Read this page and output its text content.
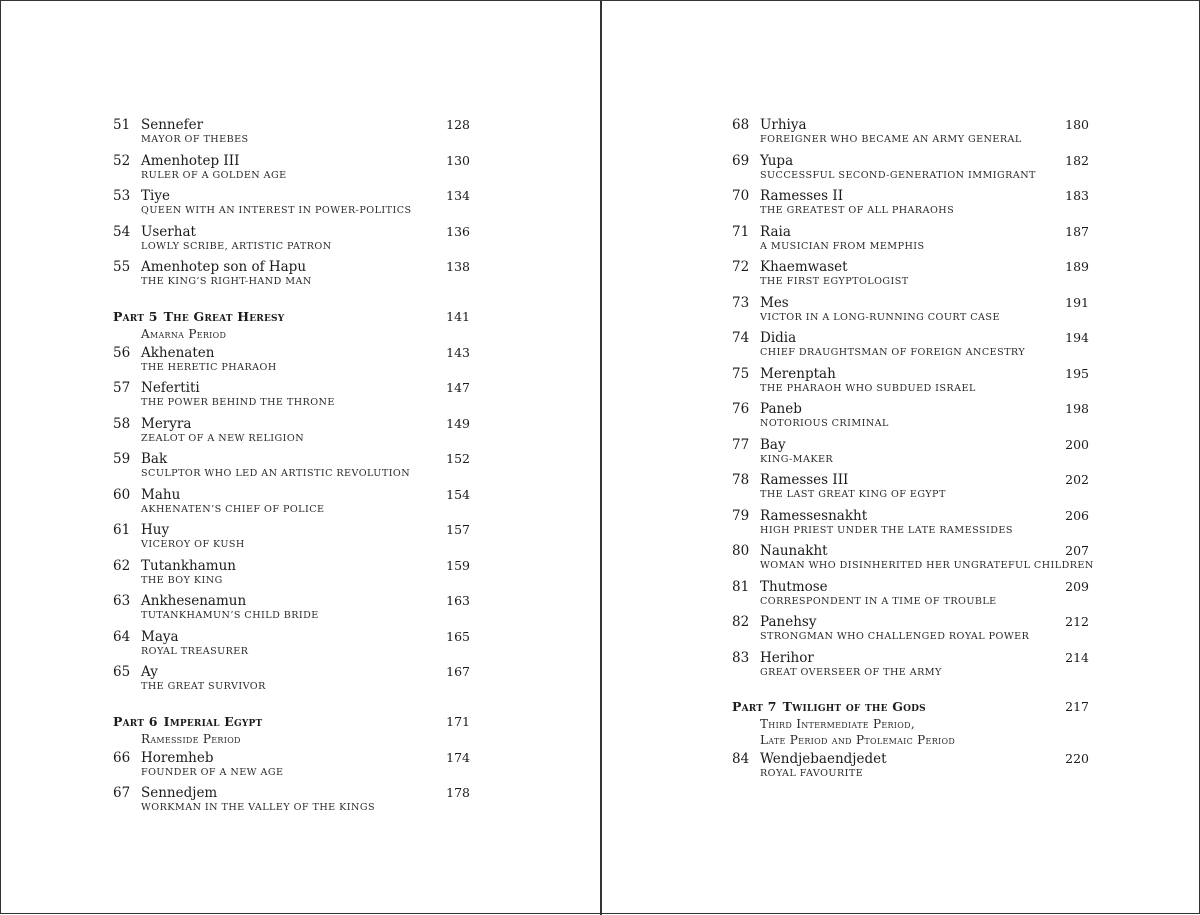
51 Sennefer	128
MAYOR OF THEBES
52 Amenhotep III	130
RULER OF A GOLDEN AGE
53 Tiye	134
QUEEN WITH AN INTEREST IN POWER-POLITICS
54 Userhat	136
LOWLY SCRIBE, ARTISTIC PATRON
55 Amenhotep son of Hapu	138
THE KING’S RIGHT-HAND MAN
Part 5 The Great Heresy	141
Amarna Period
56 Akhenaten	143
THE HERETIC PHARAOH
57 Nefertiti	147
THE POWER BEHIND THE THRONE
58 Meryra	149
ZEALOT OF A NEW RELIGION
59 Bak	152
SCULPTOR WHO LED AN ARTISTIC REVOLUTION
60 Mahu	154
AKHENATEN’S CHIEF OF POLICE
61 Huy	157
VICEROY OF KUSH
62 Tutankhamun	159
THE BOY KING
63 Ankhesenamun	163
TUTANKHAMUN’S CHILD BRIDE
64 Maya	165
ROYAL TREASURER
65 Ay	167
THE GREAT SURVIVOR
Part 6 Imperial Egypt	171
Ramesside Period
66 Horemheb	174
FOUNDER OF A NEW AGE
67 Sennedjem	178
WORKMAN IN THE VALLEY OF THE KINGS
68 Urhiya	180
FOREIGNER WHO BECAME AN ARMY GENERAL
69 Yupa	182
SUCCESSFUL SECOND-GENERATION IMMIGRANT
70 Ramesses II	183
THE GREATEST OF ALL PHARAOHS
71 Raia	187
A MUSICIAN FROM MEMPHIS
72 Khaemwaset	189
THE FIRST EGYPTOLOGIST
73 Mes	191
VICTOR IN A LONG-RUNNING COURT CASE
74 Didia	194
CHIEF DRAUGHTSMAN OF FOREIGN ANCESTRY
75 Merenptah	195
THE PHARAOH WHO SUBDUED ISRAEL
76 Paneb	198
NOTORIOUS CRIMINAL
77 Bay	200
KING-MAKER
78 Ramesses III	202
THE LAST GREAT KING OF EGYPT
79 Ramessesnakht	206
HIGH PRIEST UNDER THE LATE RAMESSIDES
80 Naunakht	207
WOMAN WHO DISINHERITED HER UNGRATEFUL CHILDREN
81 Thutmose	209
CORRESPONDENT IN A TIME OF TROUBLE
82 Panehsy	212
STRONGMAN WHO CHALLENGED ROYAL POWER
83 Herihor	214
GREAT OVERSEER OF THE ARMY
Part 7 Twilight of the Gods	217
Third Intermediate Period,
Late Period and Ptolemaic Period
84 Wendjebaendjedet	220
ROYAL FAVOURITE
